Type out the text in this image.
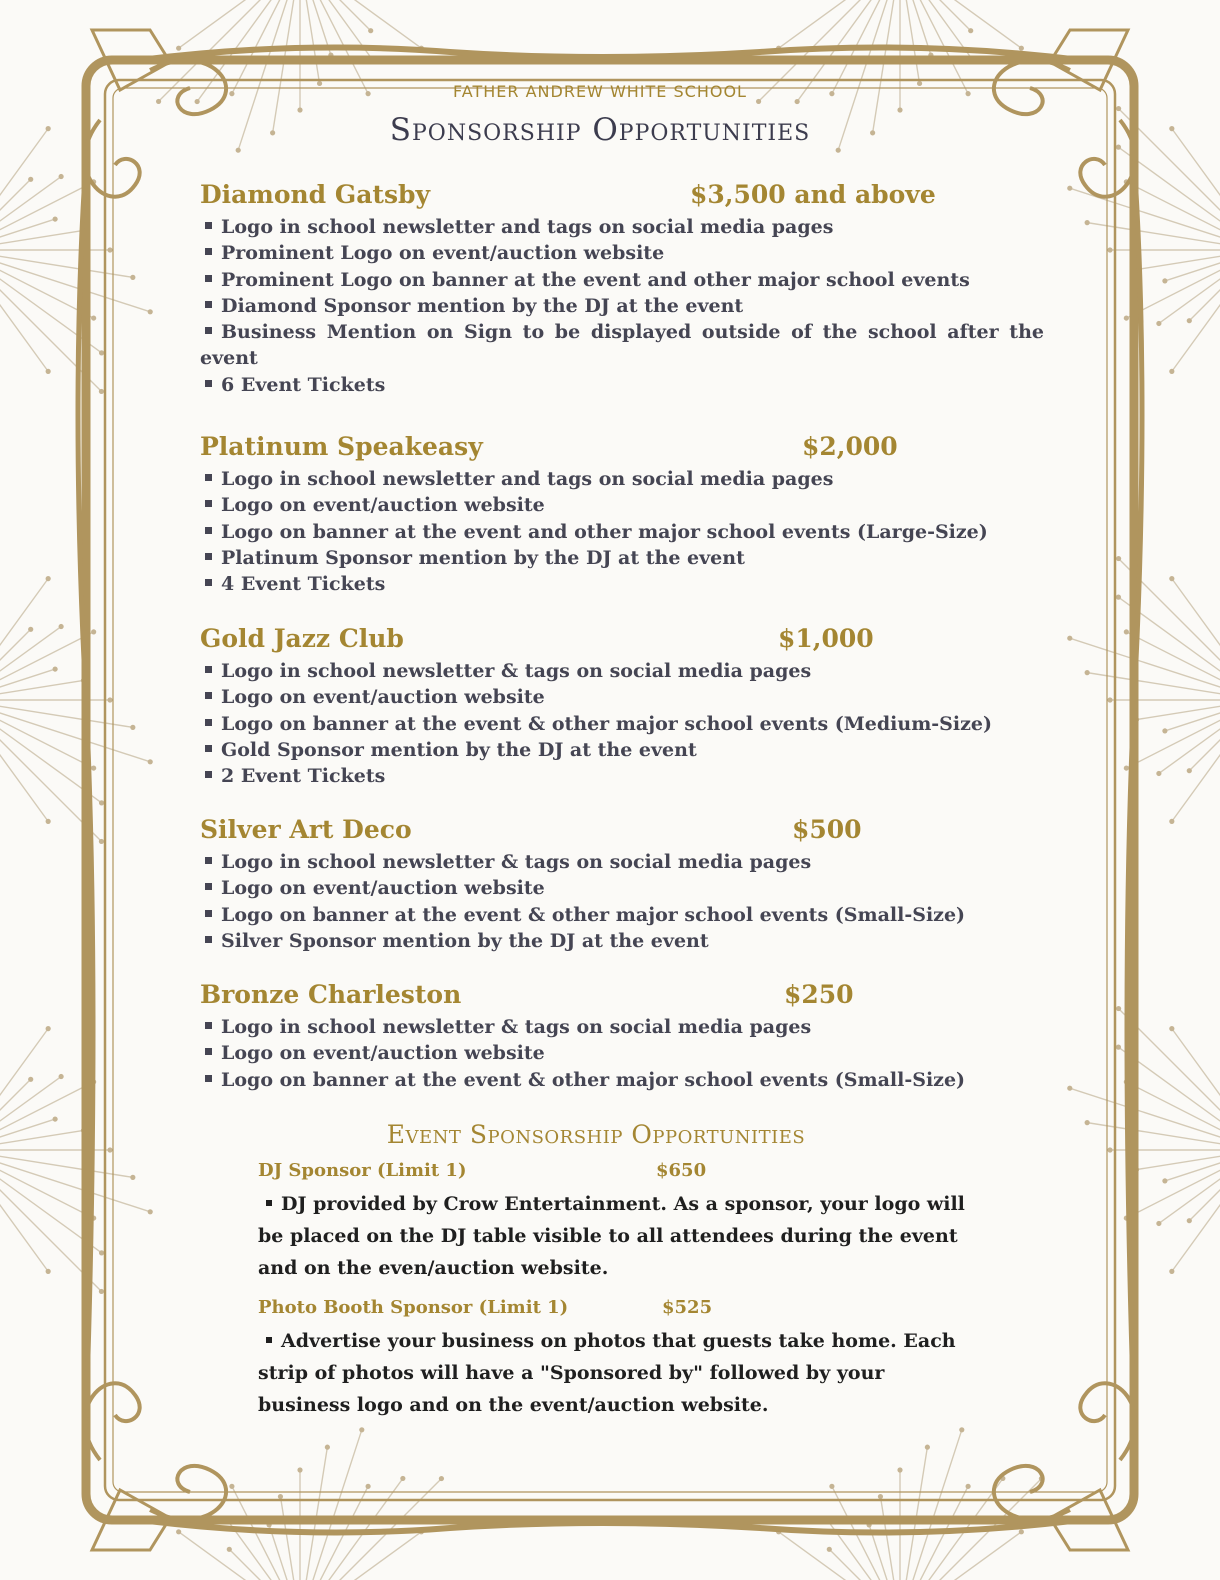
FATHER ANDREW WHITE SCHOOL
Sponsorship Opportunities
Diamond Gatsby	$3,500 and above
Logo in school newsletter and tags on social media pages
Prominent Logo on event/auction website
Prominent Logo on banner at the event and other major school events
Diamond Sponsor mention by the DJ at the event
Business Mention on Sign to be displayed outside of the school after the event
6 Event Tickets
Platinum Speakeasy	$2,000
Logo in school newsletter and tags on social media pages
Logo on event/auction website
Logo on banner at the event and other major school events (Large-Size)
Platinum Sponsor mention by the DJ at the event
4 Event Tickets
Gold Jazz Club	$1,000
Logo in school newsletter & tags on social media pages
Logo on event/auction website
Logo on banner at the event & other major school events (Medium-Size)
Gold Sponsor mention by the DJ at the event
2 Event Tickets
Silver Art Deco	$500
Logo in school newsletter & tags on social media pages
Logo on event/auction website
Logo on banner at the event & other major school events (Small-Size)
Silver Sponsor mention by the DJ at the event
Bronze Charleston	$250
Logo in school newsletter & tags on social media pages
Logo on event/auction website
Logo on banner at the event & other major school events (Small-Size)
Event Sponsorship Opportunities
DJ Sponsor (Limit 1)	$650

DJ provided by Crow Entertainment. As a sponsor, your logo will be placed on the DJ table visible to all attendees during the event and on the even/auction website.

Photo Booth Sponsor (Limit 1)	$525

Advertise your business on photos that guests take home. Each strip of photos will have a "Sponsored by" followed by your business logo and on the event/auction website.
